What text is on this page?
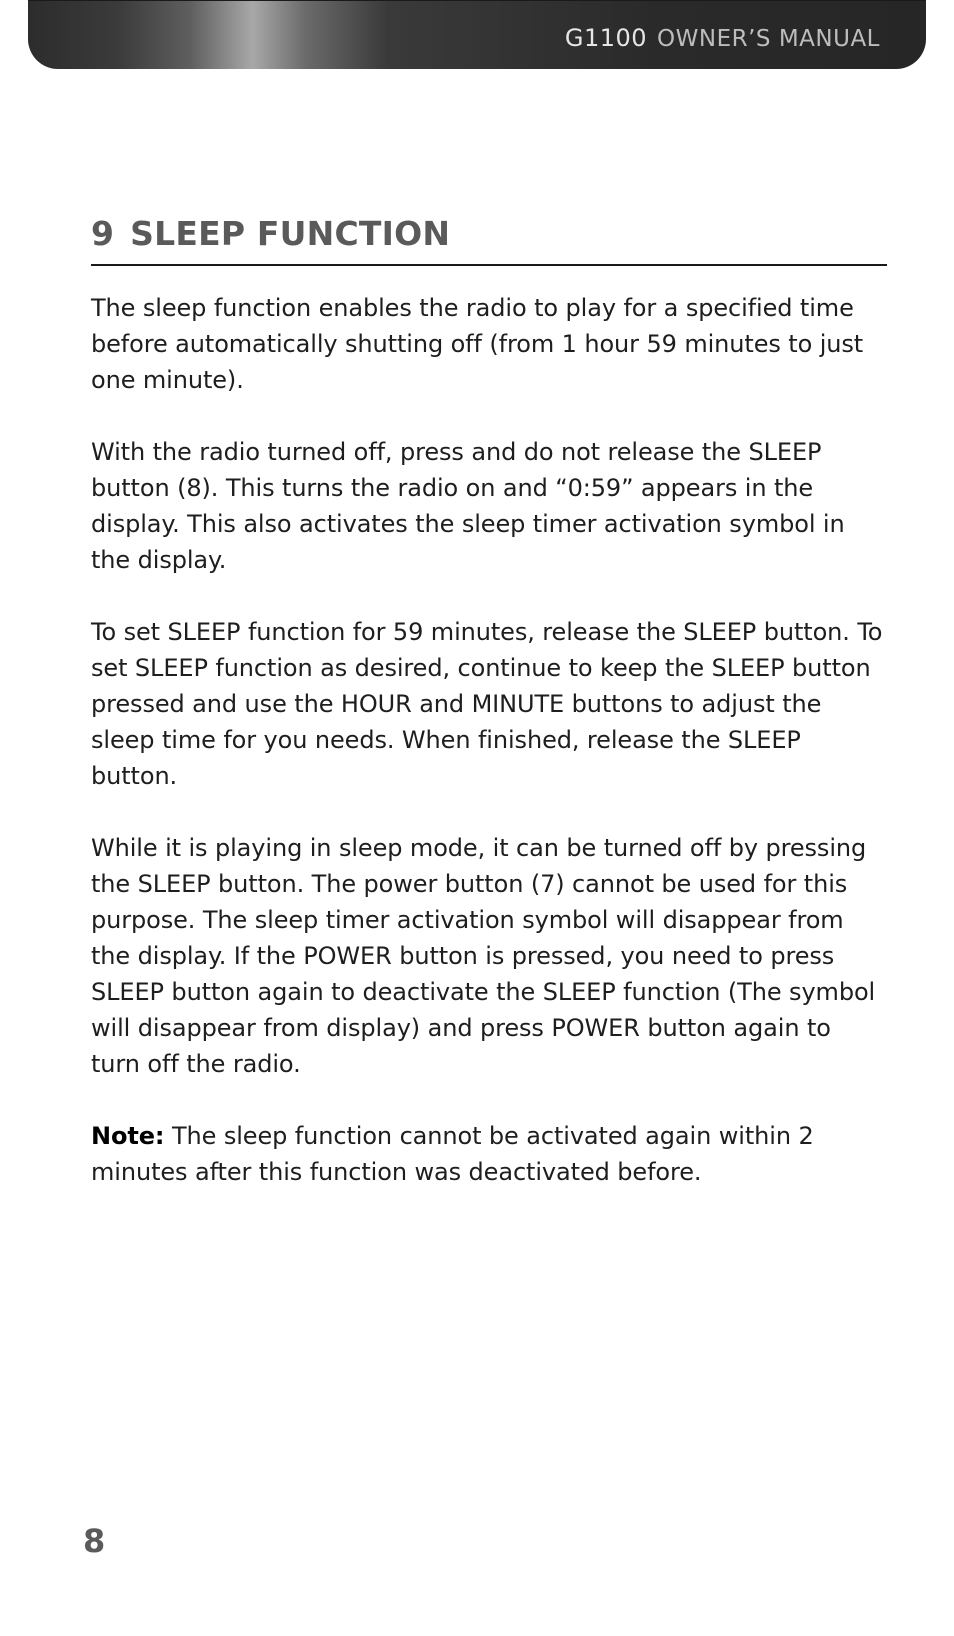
G1100 OWNER’S MANUAL
9 SLEEP FUNCTION

The sleep function enables the radio to play for a specified time before automatically shutting off (from 1 hour 59 minutes to just one minute).

With the radio turned off, press and do not release the SLEEP button (8). This turns the radio on and “0:59” appears in the display. This also activates the sleep timer activation symbol in the display.

To set SLEEP function for 59 minutes, release the SLEEP button. To set SLEEP function as desired, continue to keep the SLEEP button pressed and use the HOUR and MINUTE buttons to adjust the sleep time for you needs. When finished, release the SLEEP button.

While it is playing in sleep mode, it can be turned off by pressing the SLEEP button. The power button (7) cannot be used for this purpose. The sleep timer activation symbol will disappear from the display. If the POWER button is pressed, you need to press SLEEP button again to deactivate the SLEEP function (The symbol will disappear from display) and press POWER button again to turn off the radio.

Note: The sleep function cannot be activated again within 2 minutes after this function was deactivated before.

8
